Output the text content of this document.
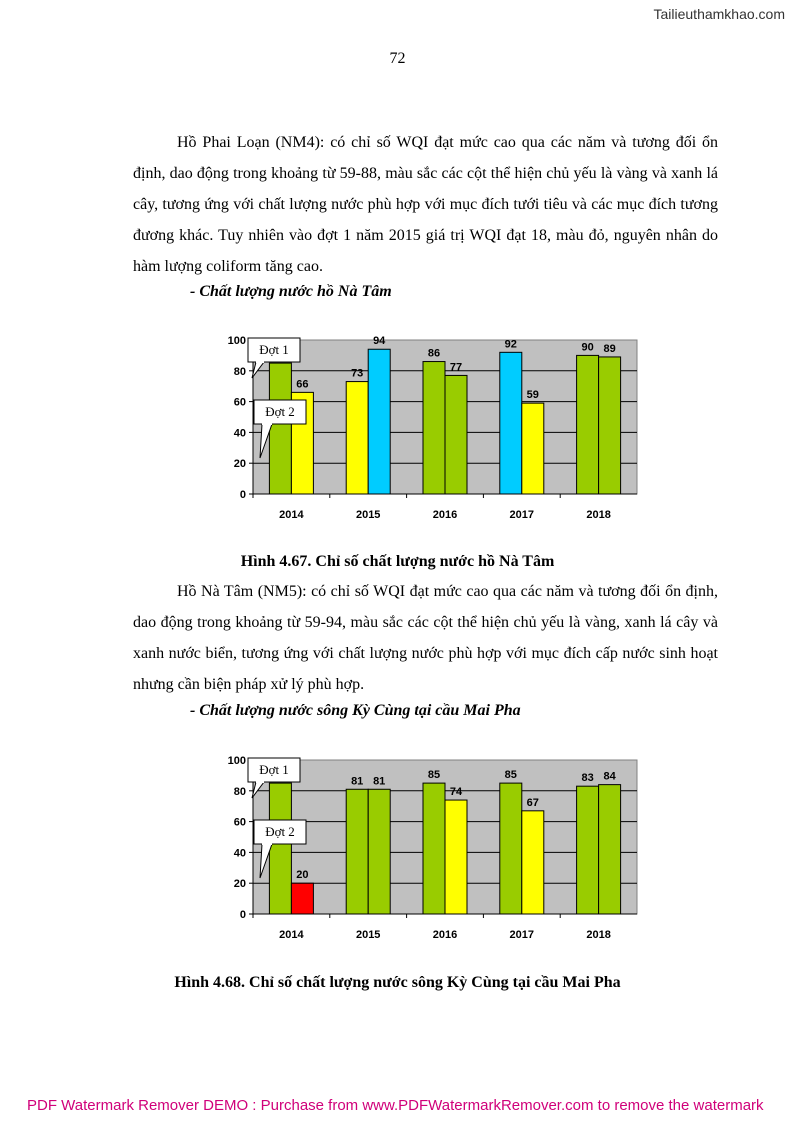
Tailieuthamkhao.com
72

Hồ Phai Loạn (NM4): có chỉ số WQI đạt mức cao qua các năm và tương đối ổn định, dao động trong khoảng từ 59-88, màu sắc các cột thể hiện chủ yếu là vàng và xanh lá cây, tương ứng với chất lượng nước phù hợp với mục đích tưới tiêu và các mục đích tương đương khác. Tuy nhiên vào đợt 1 năm 2015 giá trị WQI đạt 18, màu đỏ, nguyên nhân do hàm lượng coliform tăng cao.

- Chất lượng nước hồ Nà Tâm

0
20
40
60
80
100
2014
66
2015
73
94
2016
86
77
2017
92
59
2018
90 89
Đợt 1
Đợt 2

Hình 4.67. Chỉ số chất lượng nước hồ Nà Tâm

Hồ Nà Tâm (NM5): có chỉ số WQI đạt mức cao qua các năm và tương đối ổn định, dao động trong khoảng từ 59-94, màu sắc các cột thể hiện chủ yếu là vàng, xanh lá cây và xanh nước biển, tương ứng với chất lượng nước phù hợp với mục đích cấp nước sinh hoạt nhưng cần biện pháp xử lý phù hợp.

- Chất lượng nước sông Kỳ Cùng tại cầu Mai Pha

0
20
40
60
80
100
2014
20
2015
81 81
2016
85
74
2017
85
67
2018
83 84
Đợt 1
Đợt 2

Hình 4.68. Chỉ số chất lượng nước sông Kỳ Cùng tại cầu Mai Pha

PDF Watermark Remover DEMO : Purchase from www.PDFWatermarkRemover.com to remove the watermark
